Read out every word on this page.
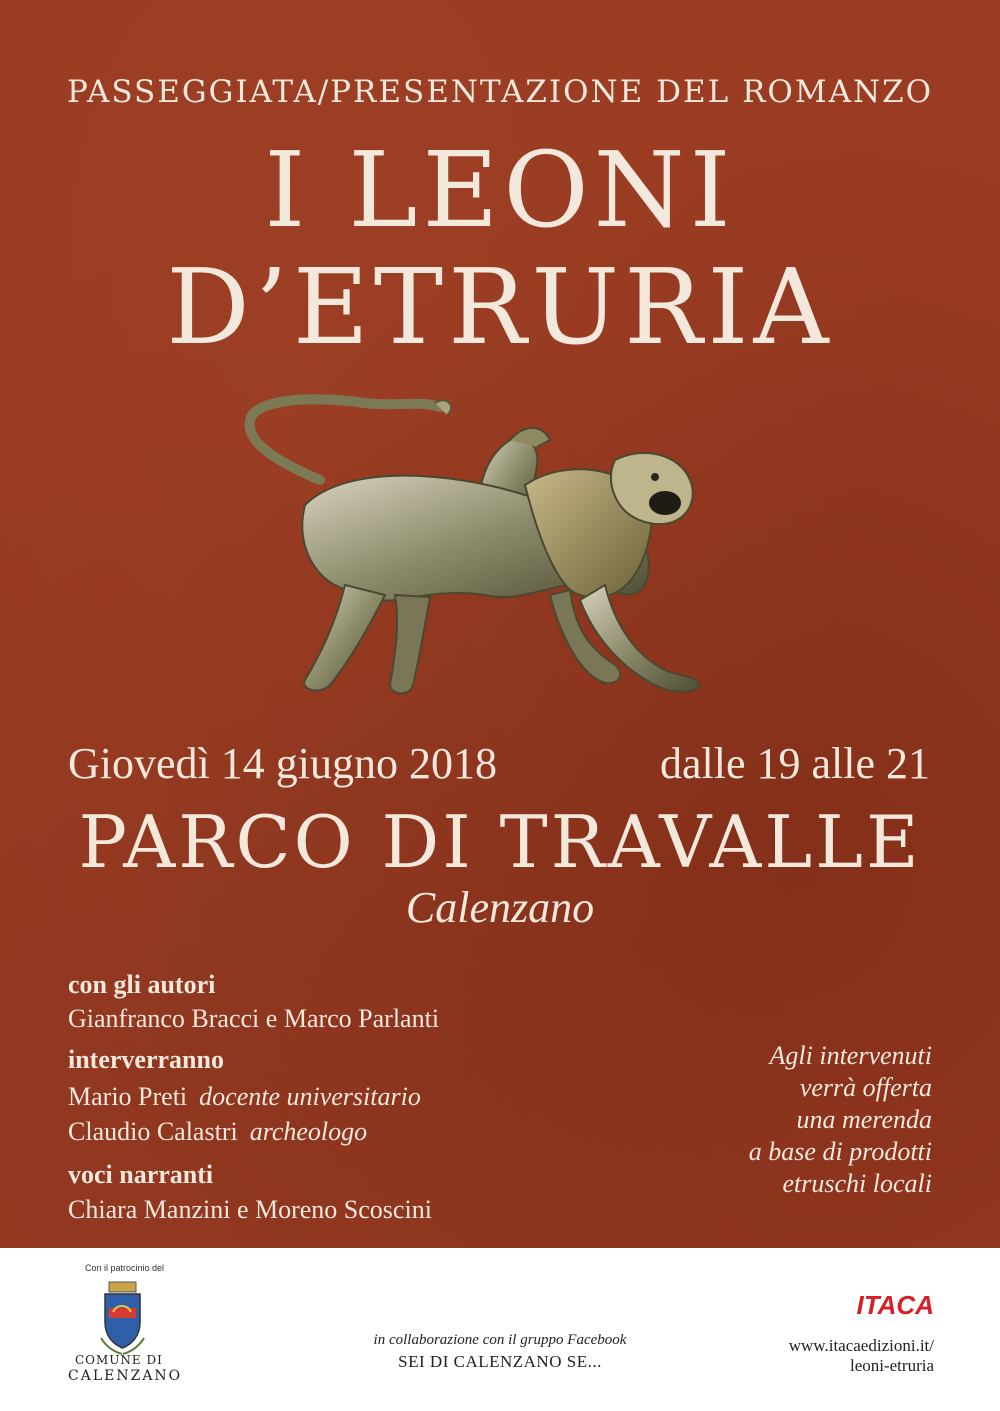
PASSEGGIATA/PRESENTAZIONE DEL ROMANZO
I LEONI
D’ETRURIA
Giovedì 14 giugno 2018	dalle 19 alle 21
PARCO DI TRAVALLE
Calenzano
con gli autori
Gianfranco Bracci e Marco Parlanti
interverranno
Mario Preti docente universitario
Claudio Calastri archeologo
voci narranti
Chiara Manzini e Moreno Scoscini
Agli intervenuti
verrà offerta
una merenda
a base di prodotti
etruschi locali
Con il patrocinio del
COMUNE DI
CALENZANO
in collaborazione con il gruppo Facebook
SEI DI CALENZANO SE...
ITACA
www.itacaedizioni.it/
leoni-etruria
